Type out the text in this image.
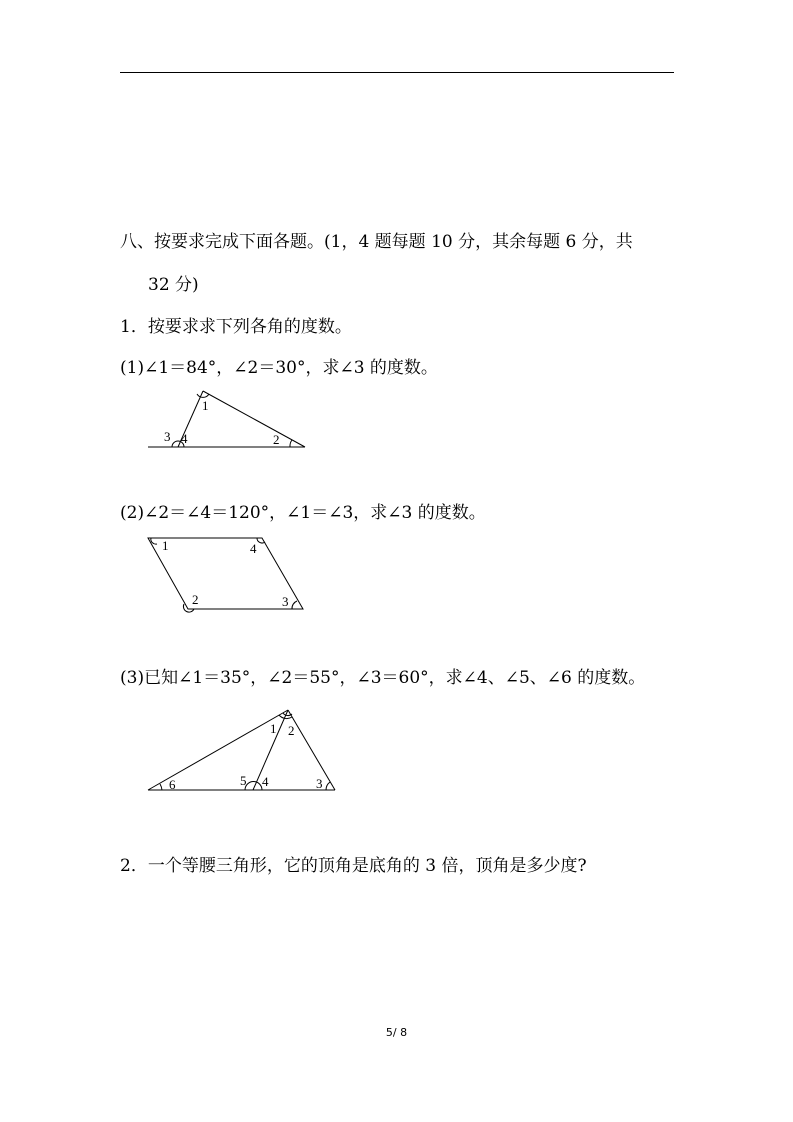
八、按要求完成下面各题。(1，4 题每题 10 分，其余每题 6 分，共
32 分)
1．按要求求下列各角的度数。
(1)∠1＝84°，∠2＝30°，求∠3 的度数。
1
2
3 4
(2)∠2＝∠4＝120°，∠1＝∠3，求∠3 的度数。
1	4
2	3
(3)已知∠1＝35°，∠2＝55°，∠3＝60°，求∠4、∠5、∠6 的度数。
1 2
3
4
5
6
2．一个等腰三角形，它的顶角是底角的 3 倍，顶角是多少度?
5/ 8
